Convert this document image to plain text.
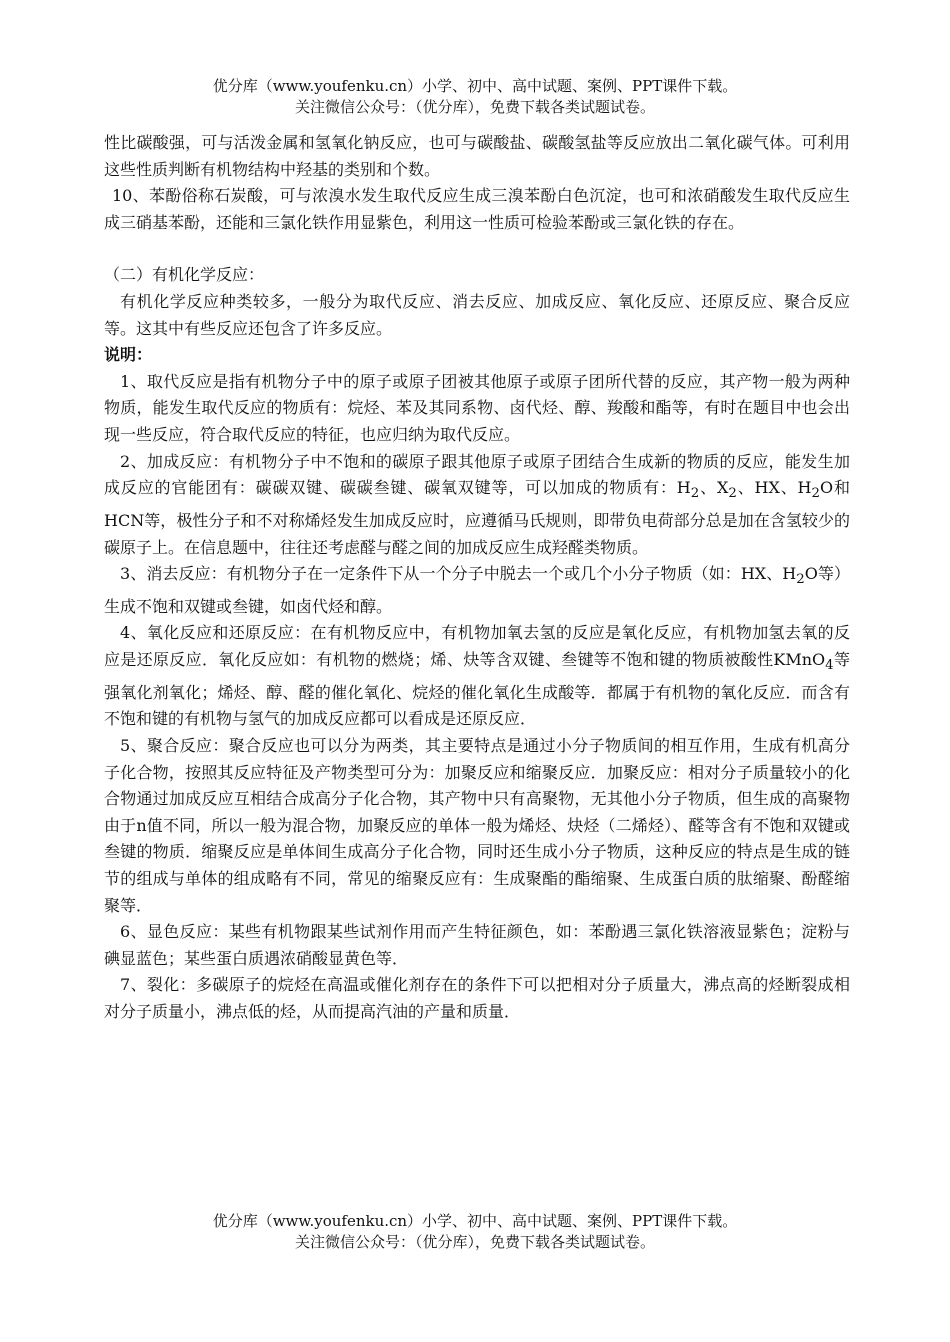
优分库（www.youfenku.cn）小学、初中、高中试题、案例、PPT课件下载。
关注微信公众号：（优分库），免费下载各类试题试卷。

性比碳酸强，可与活泼金属和氢氧化钠反应，也可与碳酸盐、碳酸氢盐等反应放出二氧化碳气体。可利用这些性质判断有机物结构中羟基的类别和个数。

10、苯酚俗称石炭酸，可与浓溴水发生取代反应生成三溴苯酚白色沉淀，也可和浓硝酸发生取代反应生成三硝基苯酚，还能和三氯化铁作用显紫色，利用这一性质可检验苯酚或三氯化铁的存在。

（二）有机化学反应：

有机化学反应种类较多，一般分为取代反应、消去反应、加成反应、氧化反应、还原反应、聚合反应等。这其中有些反应还包含了许多反应。

说明：

1、取代反应是指有机物分子中的原子或原子团被其他原子或原子团所代替的反应，其产物一般为两种物质，能发生取代反应的物质有：烷烃、苯及其同系物、卤代烃、醇、羧酸和酯等，有时在题目中也会出现一些反应，符合取代反应的特征，也应归纳为取代反应。

2、加成反应：有机物分子中不饱和的碳原子跟其他原子或原子团结合生成新的物质的反应，能发生加成反应的官能团有：碳碳双键、碳碳叁键、碳氧双键等，可以加成的物质有：$H_2$、$X_2$、HX、$H_2O$和HCN等，极性分子和不对称烯烃发生加成反应时，应遵循马氏规则，即带负电荷部分总是加在含氢较少的碳原子上。在信息题中，往往还考虑醛与醛之间的加成反应生成羟醛类物质。

3、消去反应：有机物分子在一定条件下从一个分子中脱去一个或几个小分子物质（如：HX、$H_2O$等）生成不饱和双键或叁键，如卤代烃和醇。

4、氧化反应和还原反应：在有机物反应中，有机物加氧去氢的反应是氧化反应，有机物加氢去氧的反应是还原反应．氧化反应如：有机物的燃烧；烯、炔等含双键、叁键等不饱和键的物质被酸性KMnO$_4$等强氧化剂氧化；烯烃、醇、醛的催化氧化、烷烃的催化氧化生成酸等．都属于有机物的氧化反应．而含有不饱和键的有机物与氢气的加成反应都可以看成是还原反应．

5、聚合反应：聚合反应也可以分为两类，其主要特点是通过小分子物质间的相互作用，生成有机高分子化合物，按照其反应特征及产物类型可分为：加聚反应和缩聚反应．加聚反应：相对分子质量较小的化合物通过加成反应互相结合成高分子化合物，其产物中只有高聚物，无其他小分子物质，但生成的高聚物由于n值不同，所以一般为混合物，加聚反应的单体一般为烯烃、炔烃（二烯烃）、醛等含有不饱和双键或叁键的物质．缩聚反应是单体间生成高分子化合物，同时还生成小分子物质，这种反应的特点是生成的链节的组成与单体的组成略有不同，常见的缩聚反应有：生成聚酯的酯缩聚、生成蛋白质的肽缩聚、酚醛缩聚等．

6、显色反应：某些有机物跟某些试剂作用而产生特征颜色，如：苯酚遇三氯化铁溶液显紫色；淀粉与碘显蓝色；某些蛋白质遇浓硝酸显黄色等．

7、裂化：多碳原子的烷烃在高温或催化剂存在的条件下可以把相对分子质量大，沸点高的烃断裂成相对分子质量小，沸点低的烃，从而提高汽油的产量和质量．

优分库（www.youfenku.cn）小学、初中、高中试题、案例、PPT课件下载。
关注微信公众号：（优分库），免费下载各类试题试卷。
